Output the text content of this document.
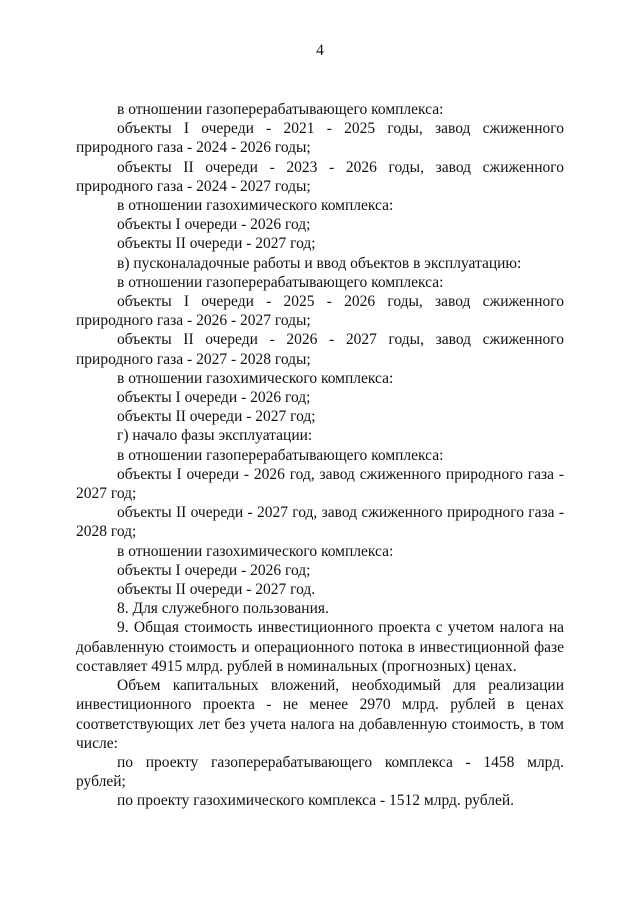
4

в отношении газоперерабатывающего комплекса:

объекты I очереди - 2021 - 2025 годы, завод сжиженного природного газа - 2024 - 2026 годы;

объекты II очереди - 2023 - 2026 годы, завод сжиженного природного газа - 2024 - 2027 годы;

в отношении газохимического комплекса:

объекты I очереди - 2026 год;

объекты II очереди - 2027 год;

в) пусконаладочные работы и ввод объектов в эксплуатацию:

в отношении газоперерабатывающего комплекса:

объекты I очереди - 2025 - 2026 годы, завод сжиженного природного газа - 2026 - 2027 годы;

объекты II очереди - 2026 - 2027 годы, завод сжиженного природного газа - 2027 - 2028 годы;

в отношении газохимического комплекса:

объекты I очереди - 2026 год;

объекты II очереди - 2027 год;

г) начало фазы эксплуатации:

в отношении газоперерабатывающего комплекса:

объекты I очереди - 2026 год, завод сжиженного природного газа - 2027 год;

объекты II очереди - 2027 год, завод сжиженного природного газа - 2028 год;

в отношении газохимического комплекса:

объекты I очереди - 2026 год;

объекты II очереди - 2027 год.

8. Для служебного пользования.

9. Общая стоимость инвестиционного проекта с учетом налога на добавленную стоимость и операционного потока в инвестиционной фазе составляет 4915 млрд. рублей в номинальных (прогнозных) ценах.

Объем капитальных вложений, необходимый для реализации инвестиционного проекта - не менее 2970 млрд. рублей в ценах соответствующих лет без учета налога на добавленную стоимость, в том числе:

по проекту газоперерабатывающего комплекса - 1458 млрд. рублей;

по проекту газохимического комплекса - 1512 млрд. рублей.
